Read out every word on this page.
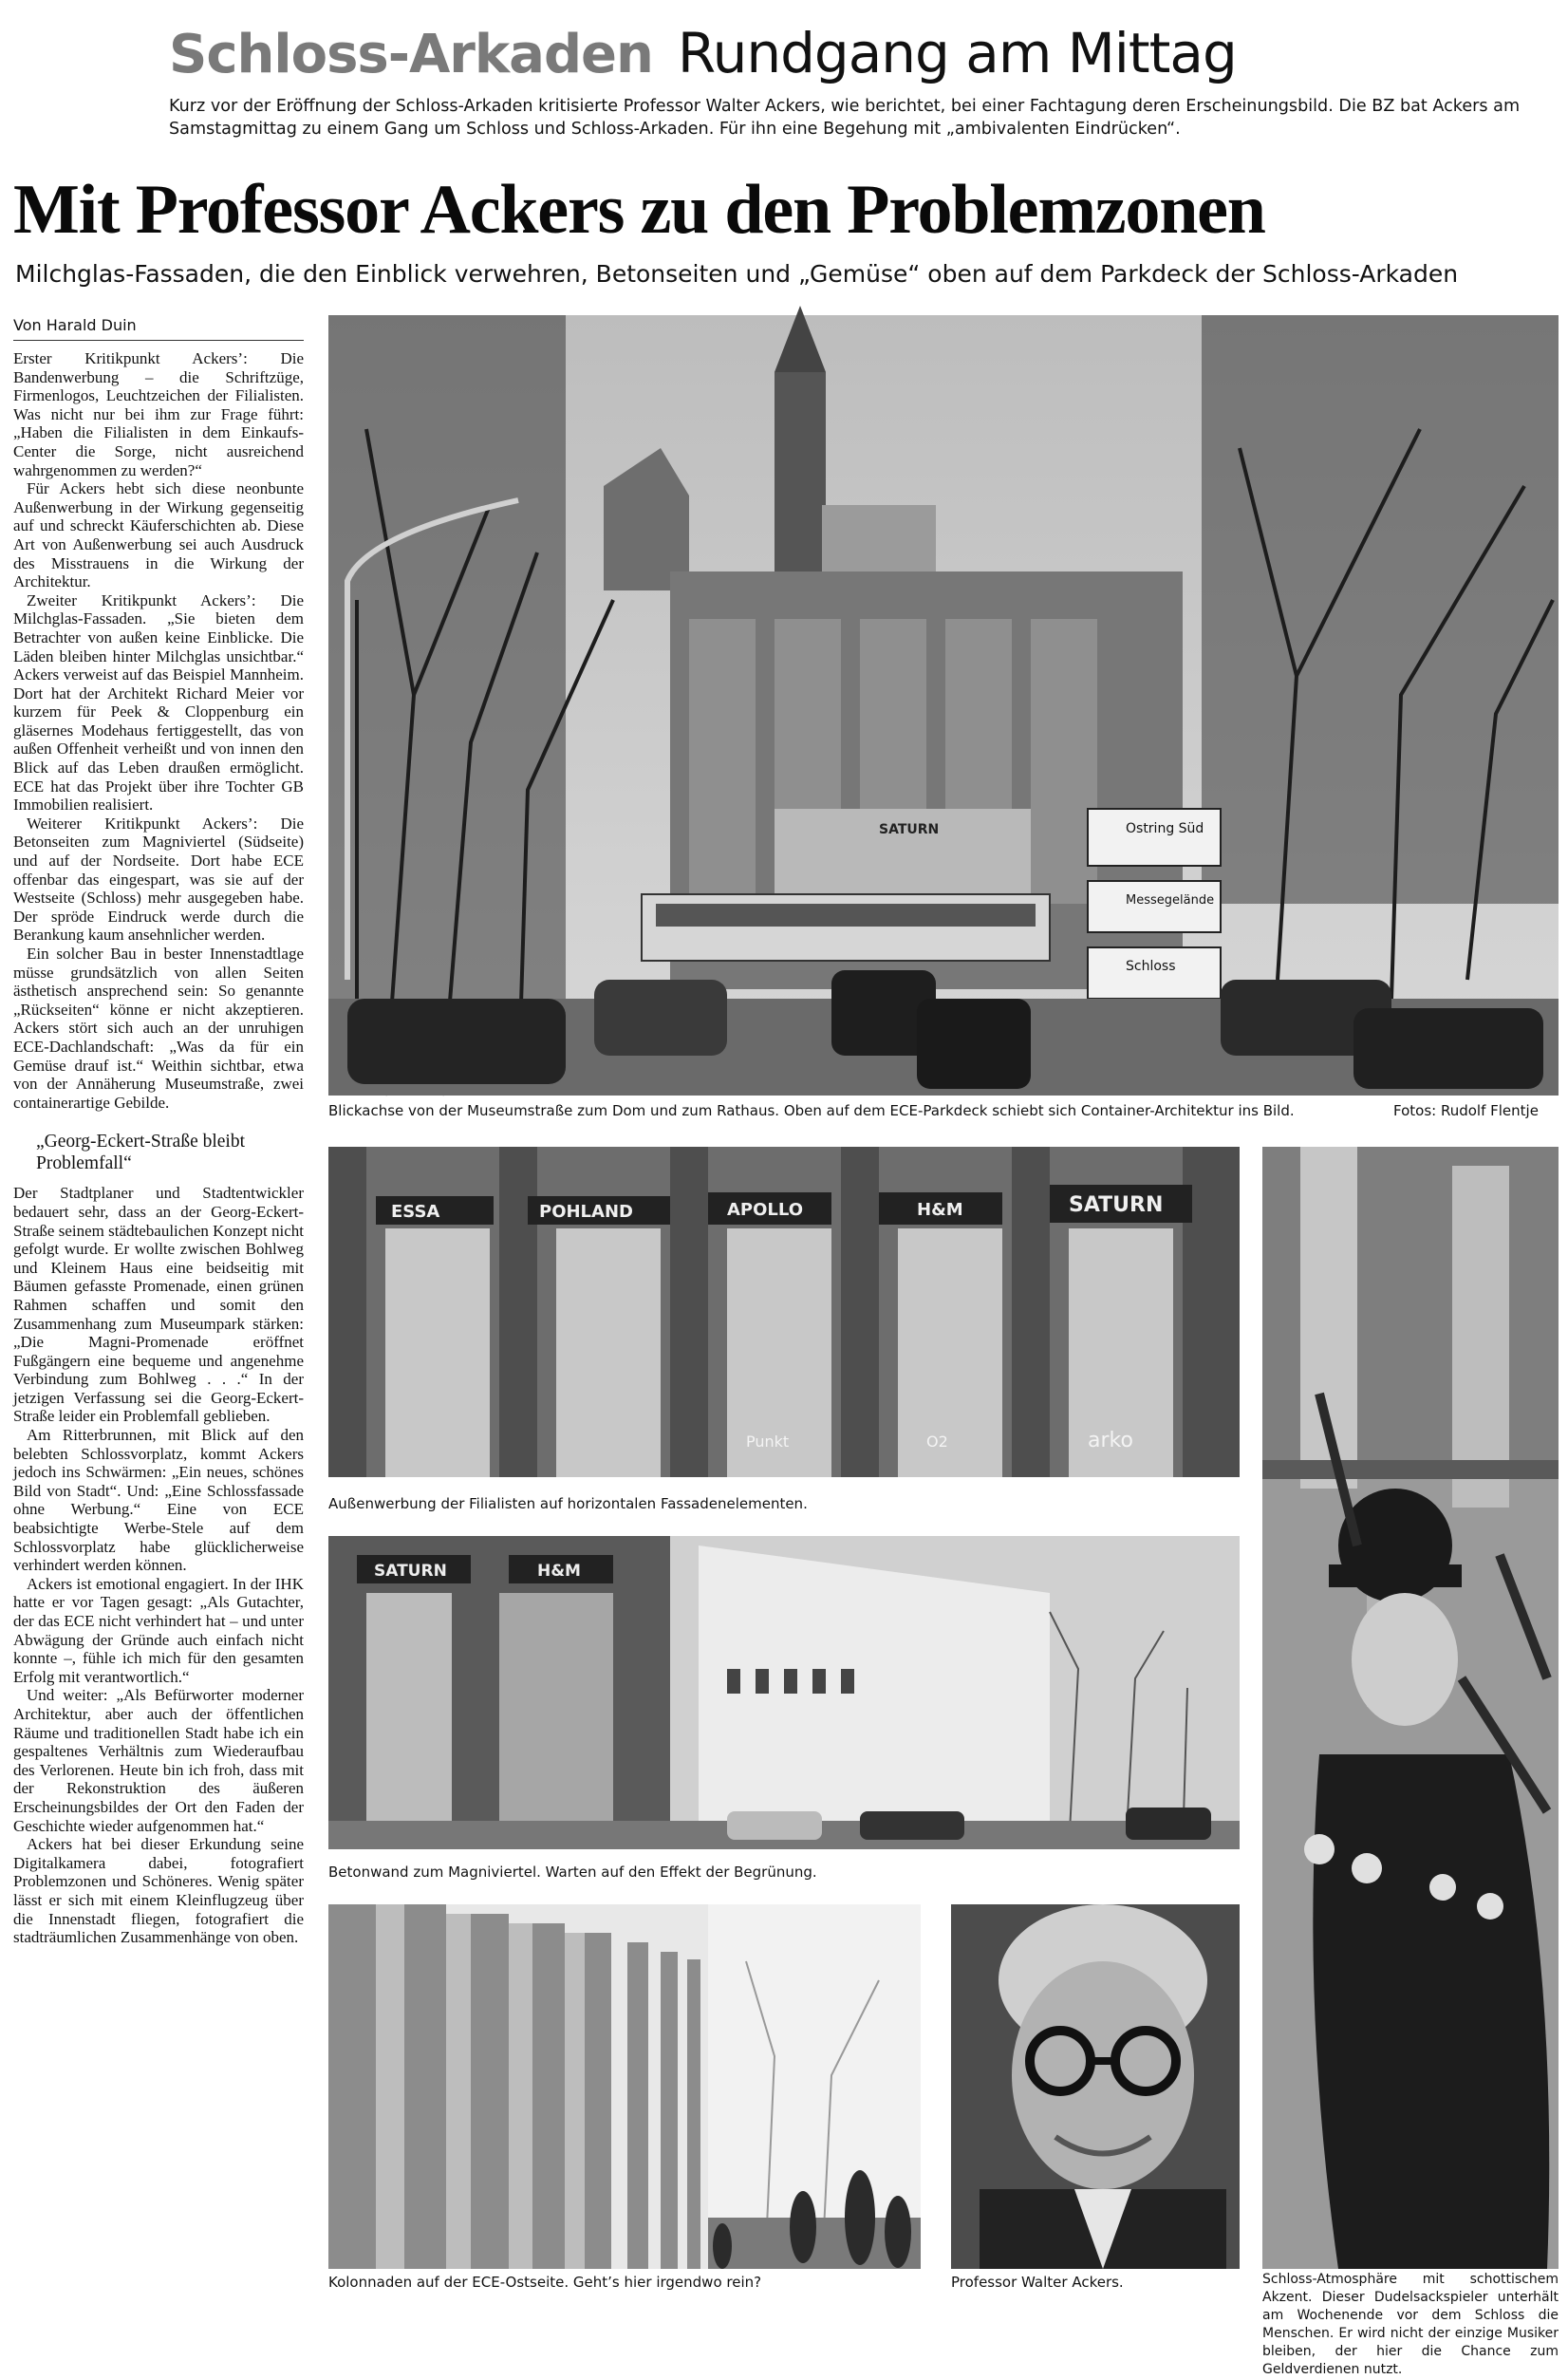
Schloss-Arkaden Rundgang am Mittag
Kurz vor der Eröffnung der Schloss-Arkaden kritisierte Professor Walter Ackers, wie berichtet, bei einer Fachtagung deren Erscheinungsbild. Die BZ bat Ackers am Samstagmittag zu einem Gang um Schloss und Schloss-Arkaden. Für ihn eine Begehung mit „ambivalenten Eindrücken“.
Mit Professor Ackers zu den Problemzonen
Milchglas-Fassaden, die den Einblick verwehren, Betonseiten und „Gemüse“ oben auf dem Parkdeck der Schloss-Arkaden
Von Harald Duin

Erster Kritikpunkt Ackers’: Die Bandenwerbung – die Schriftzüge, Firmenlogos, Leuchtzeichen der Filialisten. Was nicht nur bei ihm zur Frage führt: „Haben die Filialisten in dem Einkaufs-Center die Sorge, nicht ausreichend wahrgenommen zu werden?“

Für Ackers hebt sich diese neonbunte Außenwerbung in der Wirkung gegenseitig auf und schreckt Käuferschichten ab. Diese Art von Außenwerbung sei auch Ausdruck des Misstrauens in die Wirkung der Architektur.

Zweiter Kritikpunkt Ackers’: Die Milchglas-Fassaden. „Sie bieten dem Betrachter von außen keine Einblicke. Die Läden bleiben hinter Milchglas unsichtbar.“ Ackers verweist auf das Beispiel Mannheim. Dort hat der Architekt Richard Meier vor kurzem für Peek & Cloppenburg ein gläsernes Modehaus fertiggestellt, das von außen Offenheit verheißt und von innen den Blick auf das Leben draußen ermöglicht. ECE hat das Projekt über ihre Tochter GB Immobilien realisiert.

Weiterer Kritikpunkt Ackers’: Die Betonseiten zum Magniviertel (Südseite) und auf der Nordseite. Dort habe ECE offenbar das eingespart, was sie auf der Westseite (Schloss) mehr ausgegeben habe. Der spröde Eindruck werde durch die Berankung kaum ansehnlicher werden.

Ein solcher Bau in bester Innenstadtlage müsse grundsätzlich von allen Seiten ästhetisch ansprechend sein: So genannte „Rückseiten“ könne er nicht akzeptieren. Ackers stört sich auch an der unruhigen ECE-Dachlandschaft: „Was da für ein Gemüse drauf ist.“ Weithin sichtbar, etwa von der Annäherung Museumstraße, zwei containerartige Gebilde.

„Georg-Eckert-Straße bleibt Problemfall“

Der Stadtplaner und Stadtentwickler bedauert sehr, dass an der Georg-Eckert-Straße seinem städtebaulichen Konzept nicht gefolgt wurde. Er wollte zwischen Bohlweg und Kleinem Haus eine beidseitig mit Bäumen gefasste Promenade, einen grünen Rahmen schaffen und somit den Zusammenhang zum Museumpark stärken: „Die Magni-Promenade eröffnet Fußgängern eine bequeme und angenehme Verbindung zum Bohlweg . . .“ In der jetzigen Verfassung sei die Georg-Eckert-Straße leider ein Problemfall geblieben.

Am Ritterbrunnen, mit Blick auf den belebten Schlossvorplatz, kommt Ackers jedoch ins Schwärmen: „Ein neues, schönes Bild von Stadt“. Und: „Eine Schlossfassade ohne Werbung.“ Eine von ECE beabsichtigte Werbe-Stele auf dem Schlossvorplatz habe glücklicherweise verhindert werden können.

Ackers ist emotional engagiert. In der IHK hatte er vor Tagen gesagt: „Als Gutachter, der das ECE nicht verhindert hat – und unter Abwägung der Gründe auch einfach nicht konnte –, fühle ich mich für den gesamten Erfolg mit verantwortlich.“

Und weiter: „Als Befürworter moderner Architektur, aber auch der öffentlichen Räume und traditionellen Stadt habe ich ein gespaltenes Verhältnis zum Wiederaufbau des Verlorenen. Heute bin ich froh, dass mit der Rekonstruktion des äußeren Erscheinungsbildes der Ort den Faden der Geschichte wieder aufgenommen hat.“

Ackers hat bei dieser Erkundung seine Digitalkamera dabei, fotografiert Problemzonen und Schöneres. Wenig später lässt er sich mit einem Kleinflugzeug über die Innenstadt fliegen, fotografiert die stadträumlichen Zusammenhänge von oben.

SATURN	Ostring Süd
Messegelände
Schloss
Blickachse von der Museumstraße zum Dom und zum Rathaus. Oben auf dem ECE-Parkdeck schiebt sich Container-Architektur ins Bild.	Fotos: Rudolf Flentje
ESSA	POHLAND	APOLLO	H&M	SATURN
Punkt	O2	arko
Außenwerbung der Filialisten auf horizontalen Fassadenelementen.
SATURN	H&M
Betonwand zum Magniviertel. Warten auf den Effekt der Begrünung.
Kolonnaden auf der ECE-Ostseite. Geht’s hier irgendwo rein?	Professor Walter Ackers.	Schloss-Atmosphäre mit schottischem Akzent. Dieser Dudelsackspieler unterhält am Wochenende vor dem Schloss die Menschen. Er wird nicht der einzige Musiker bleiben, der hier die Chance zum Geldverdienen nutzt.
